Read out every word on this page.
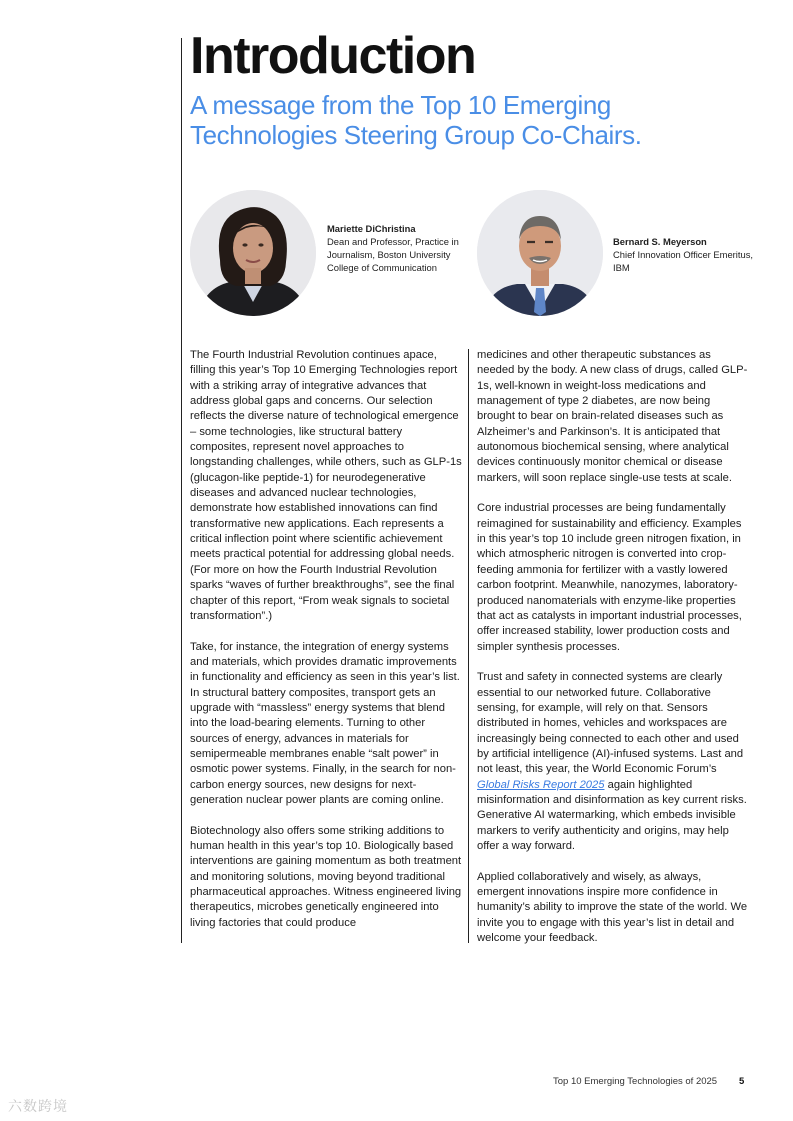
Introduction
A message from the Top 10 Emerging Technologies Steering Group Co-Chairs.
Mariette DiChristina
Dean and Professor, Practice in Journalism, Boston University College of Communication
Bernard S. Meyerson
Chief Innovation Officer Emeritus, IBM

The Fourth Industrial Revolution continues apace, filling this year’s Top 10 Emerging Technologies report with a striking array of integrative advances that address global gaps and concerns. Our selection reflects the diverse nature of technological emergence – some technologies, like structural battery composites, represent novel approaches to longstanding challenges, while others, such as GLP-1s (glucagon-like peptide-1) for neurodegenerative diseases and advanced nuclear technologies, demonstrate how established innovations can find transformative new applications. Each represents a critical inflection point where scientific achievement meets practical potential for addressing global needs. (For more on how the Fourth Industrial Revolution sparks “waves of further breakthroughs”, see the final chapter of this report, “From weak signals to societal transformation”.)

Take, for instance, the integration of energy systems and materials, which provides dramatic improvements in functionality and efficiency as seen in this year’s list. In structural battery composites, transport gets an upgrade with “massless” energy systems that blend into the load-bearing elements. Turning to other sources of energy, advances in materials for semipermeable membranes enable “salt power” in osmotic power systems. Finally, in the search for non-carbon energy sources, new designs for next-generation nuclear power plants are coming online.

Biotechnology also offers some striking additions to human health in this year’s top 10. Biologically based interventions are gaining momentum as both treatment and monitoring solutions, moving beyond traditional pharmaceutical approaches. Witness engineered living therapeutics, microbes genetically engineered into living factories that could produce

medicines and other therapeutic substances as needed by the body. A new class of drugs, called GLP-1s, well-known in weight-loss medications and management of type 2 diabetes, are now being brought to bear on brain-related diseases such as Alzheimer’s and Parkinson’s. It is anticipated that autonomous biochemical sensing, where analytical devices continuously monitor chemical or disease markers, will soon replace single-use tests at scale.

Core industrial processes are being fundamentally reimagined for sustainability and efficiency. Examples in this year’s top 10 include green nitrogen fixation, in which atmospheric nitrogen is converted into crop-feeding ammonia for fertilizer with a vastly lowered carbon footprint. Meanwhile, nanozymes, laboratory-produced nanomaterials with enzyme-like properties that act as catalysts in important industrial processes, offer increased stability, lower production costs and simpler synthesis processes.

Trust and safety in connected systems are clearly essential to our networked future. Collaborative sensing, for example, will rely on that. Sensors distributed in homes, vehicles and workspaces are increasingly being connected to each other and used by artificial intelligence (AI)-infused systems. Last and not least, this year, the World Economic Forum’s Global Risks Report 2025 again highlighted misinformation and disinformation as key current risks. Generative AI watermarking, which embeds invisible markers to verify authenticity and origins, may help offer a way forward.

Applied collaboratively and wisely, as always, emergent innovations inspire more confidence in humanity’s ability to improve the state of the world. We invite you to engage with this year’s list in detail and welcome your feedback.

Top 10 Emerging Technologies of 2025 5
六数跨境
